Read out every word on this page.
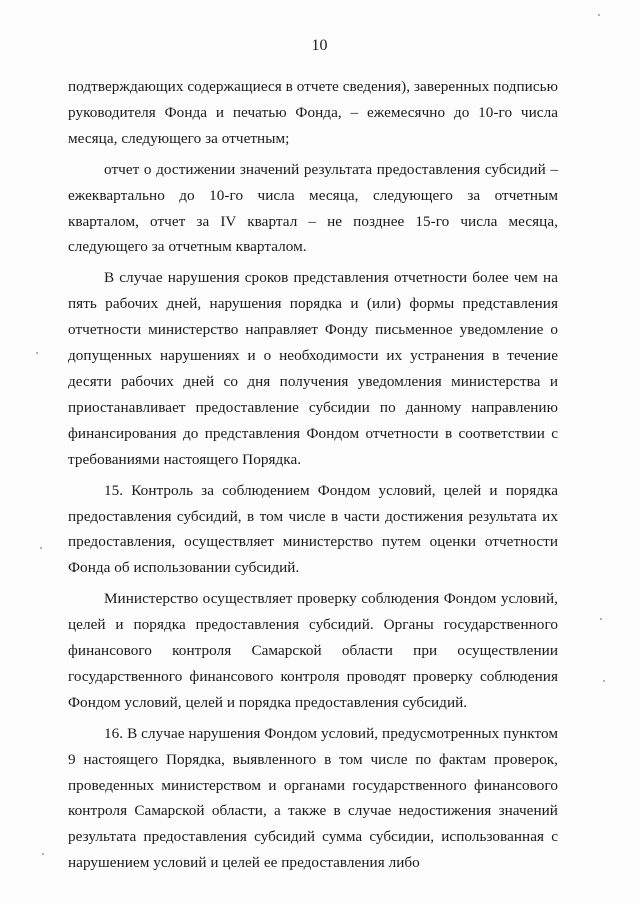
10

подтверждающих содержащиеся в отчете сведения), заверенных подписью руководителя Фонда и печатью Фонда, – ежемесячно до 10-го числа месяца, следующего за отчетным;

отчет о достижении значений результата предоставления субсидий – ежеквартально до 10-го числа месяца, следующего за отчетным кварталом, отчет за IV квартал – не позднее 15-го числа месяца, следующего за отчетным кварталом.

В случае нарушения сроков представления отчетности более чем на пять рабочих дней, нарушения порядка и (или) формы представления отчетности министерство направляет Фонду письменное уведомление о допущенных нарушениях и о необходимости их устранения в течение десяти рабочих дней со дня получения уведомления министерства и приостанавливает предоставление субсидии по данному направлению финансирования до представления Фондом отчетности в соответствии с требованиями настоящего Порядка.

15. Контроль за соблюдением Фондом условий, целей и порядка предоставления субсидий, в том числе в части достижения результата их предоставления, осуществляет министерство путем оценки отчетности Фонда об использовании субсидий.

Министерство осуществляет проверку соблюдения Фондом условий, целей и порядка предоставления субсидий. Органы государственного финансового контроля Самарской области при осуществлении государственного финансового контроля проводят проверку соблюдения Фондом условий, целей и порядка предоставления субсидий.

16. В случае нарушения Фондом условий, предусмотренных пунктом 9 настоящего Порядка, выявленного в том числе по фактам проверок, проведенных министерством и органами государственного финансового контроля Самарской области, а также в случае недостижения значений результата предоставления субсидий сумма субсидии, использованная с нарушением условий и целей ее предоставления либо
